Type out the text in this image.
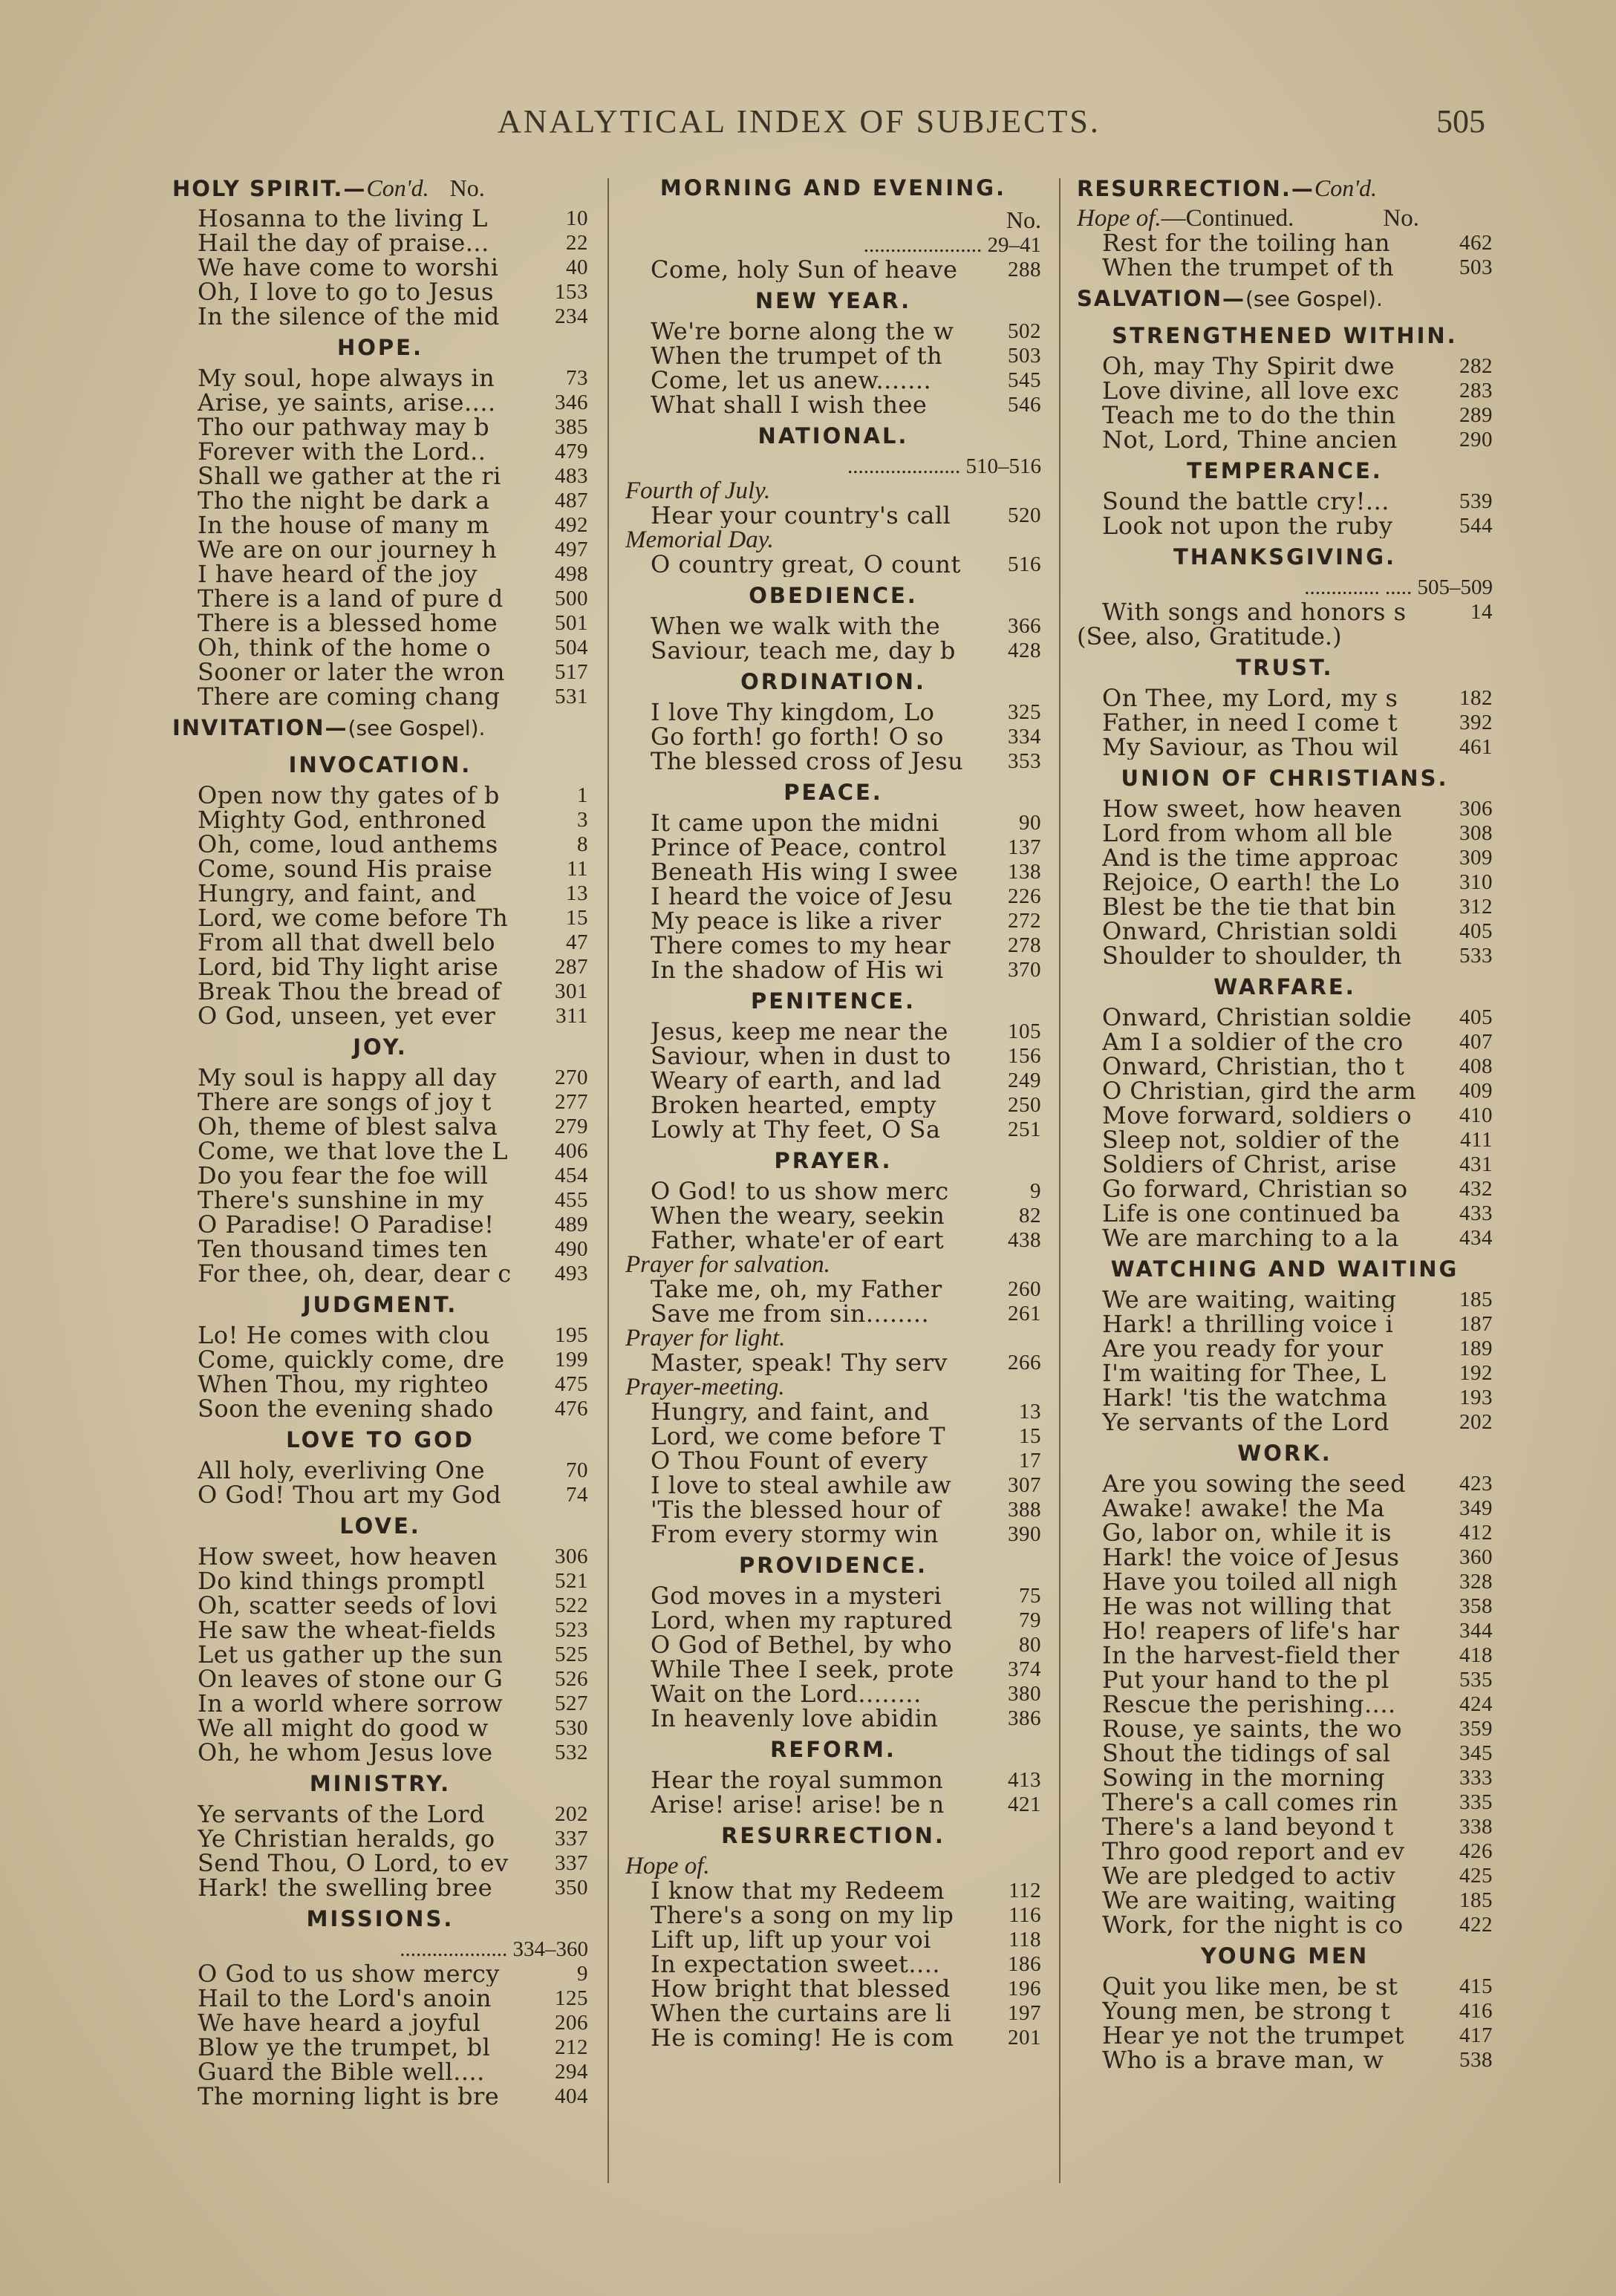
ANALYTICAL INDEX OF SUBJECTS.	505
HOLY SPIRIT.—Con'd. No.
Hosanna to the living L	10
Hail the day of praise...	22
We have come to worshi	40
Oh, I love to go to Jesus	153
In the silence of the mid	234
HOPE.
My soul, hope always in	73
Arise, ye saints, arise....	346
Tho our pathway may b	385
Forever with the Lord..	479
Shall we gather at the ri	483
Tho the night be dark a	487
In the house of many m	492
We are on our journey h	497
I have heard of the joy	498
There is a land of pure d	500
There is a blessed home	501
Oh, think of the home o	504
Sooner or later the wron	517
There are coming chang	531
INVITATION—(see Gospel).
INVOCATION.
Open now thy gates of b	1
Mighty God, enthroned	3
Oh, come, loud anthems	8
Come, sound His praise	11
Hungry, and faint, and	13
Lord, we come before Th	15
From all that dwell belo	47
Lord, bid Thy light arise	287
Break Thou the bread of	301
O God, unseen, yet ever	311
JOY.
My soul is happy all day	270
There are songs of joy t	277
Oh, theme of blest salva	279
Come, we that love the L	406
Do you fear the foe will	454
There's sunshine in my	455
O Paradise! O Paradise!	489
Ten thousand times ten	490
For thee, oh, dear, dear c	493
JUDGMENT.
Lo! He comes with clou	195
Come, quickly come, dre	199
When Thou, my righteo	475
Soon the evening shado	476
LOVE TO GOD
All holy, everliving One	70
O God! Thou art my God	74
LOVE.
How sweet, how heaven	306
Do kind things promptl	521
Oh, scatter seeds of lovi	522
He saw the wheat-fields	523
Let us gather up the sun	525
On leaves of stone our G	526
In a world where sorrow	527
We all might do good w	530
Oh, he whom Jesus love	532
MINISTRY.
Ye servants of the Lord	202
Ye Christian heralds, go	337
Send Thou, O Lord, to ev	337
Hark! the swelling bree	350
MISSIONS.
.................... 334–360
O God to us show mercy	9
Hail to the Lord's anoin	125
We have heard a joyful	206
Blow ye the trumpet, bl	212
Guard the Bible well....	294
The morning light is bre	404
MORNING AND EVENING.
No.
...................... 29–41
Come, holy Sun of heave	288
NEW YEAR.
We're borne along the w	502
When the trumpet of th	503
Come, let us anew.......	545
What shall I wish thee	546
NATIONAL.
..................... 510–516
Fourth of July.
Hear your country's call	520
Memorial Day.
O country great, O count	516
OBEDIENCE.
When we walk with the	366
Saviour, teach me, day b	428
ORDINATION.
I love Thy kingdom, Lo	325
Go forth! go forth! O so	334
The blessed cross of Jesu	353
PEACE.
It came upon the midni	90
Prince of Peace, control	137
Beneath His wing I swee	138
I heard the voice of Jesu	226
My peace is like a river	272
There comes to my hear	278
In the shadow of His wi	370
PENITENCE.
Jesus, keep me near the	105
Saviour, when in dust to	156
Weary of earth, and lad	249
Broken hearted, empty	250
Lowly at Thy feet, O Sa	251
PRAYER.
O God! to us show merc	9
When the weary, seekin	82
Father, whate'er of eart	438
Prayer for salvation.
Take me, oh, my Father	260
Save me from sin........	261
Prayer for light.
Master, speak! Thy serv	266
Prayer-meeting.
Hungry, and faint, and	13
Lord, we come before T	15
O Thou Fount of every	17
I love to steal awhile aw	307
'Tis the blessed hour of	388
From every stormy win	390
PROVIDENCE.
God moves in a mysteri	75
Lord, when my raptured	79
O God of Bethel, by who	80
While Thee I seek, prote	374
Wait on the Lord........	380
In heavenly love abidin	386
REFORM.
Hear the royal summon	413
Arise! arise! arise! be n	421
RESURRECTION.
Hope of.
I know that my Redeem	112
There's a song on my lip	116
Lift up, lift up your voi	118
In expectation sweet....	186
How bright that blessed	196
When the curtains are li	197
He is coming! He is com	201
RESURRECTION.—Con'd.
Hope of.—Continued.	No.
Rest for the toiling han	462
When the trumpet of th	503
SALVATION—(see Gospel).
STRENGTHENED WITHIN.
Oh, may Thy Spirit dwe	282
Love divine, all love exc	283
Teach me to do the thin	289
Not, Lord, Thine ancien	290
TEMPERANCE.
Sound the battle cry!...	539
Look not upon the ruby	544
THANKSGIVING.
.............. ..... 505–509
With songs and honors s	14
(See, also, Gratitude.)
TRUST.
On Thee, my Lord, my s	182
Father, in need I come t	392
My Saviour, as Thou wil	461
UNION OF CHRISTIANS.
How sweet, how heaven	306
Lord from whom all ble	308
And is the time approac	309
Rejoice, O earth! the Lo	310
Blest be the tie that bin	312
Onward, Christian soldi	405
Shoulder to shoulder, th	533
WARFARE.
Onward, Christian soldie	405
Am I a soldier of the cro	407
Onward, Christian, tho t	408
O Christian, gird the arm	409
Move forward, soldiers o	410
Sleep not, soldier of the	411
Soldiers of Christ, arise	431
Go forward, Christian so	432
Life is one continued ba	433
We are marching to a la	434
WATCHING AND WAITING
We are waiting, waiting	185
Hark! a thrilling voice i	187
Are you ready for your	189
I'm waiting for Thee, L	192
Hark! 'tis the watchma	193
Ye servants of the Lord	202
WORK.
Are you sowing the seed	423
Awake! awake! the Ma	349
Go, labor on, while it is	412
Hark! the voice of Jesus	360
Have you toiled all nigh	328
He was not willing that	358
Ho! reapers of life's har	344
In the harvest-field ther	418
Put your hand to the pl	535
Rescue the perishing....	424
Rouse, ye saints, the wo	359
Shout the tidings of sal	345
Sowing in the morning	333
There's a call comes rin	335
There's a land beyond t	338
Thro good report and ev	426
We are pledged to activ	425
We are waiting, waiting	185
Work, for the night is co	422
YOUNG MEN
Quit you like men, be st	415
Young men, be strong t	416
Hear ye not the trumpet	417
Who is a brave man, w	538
